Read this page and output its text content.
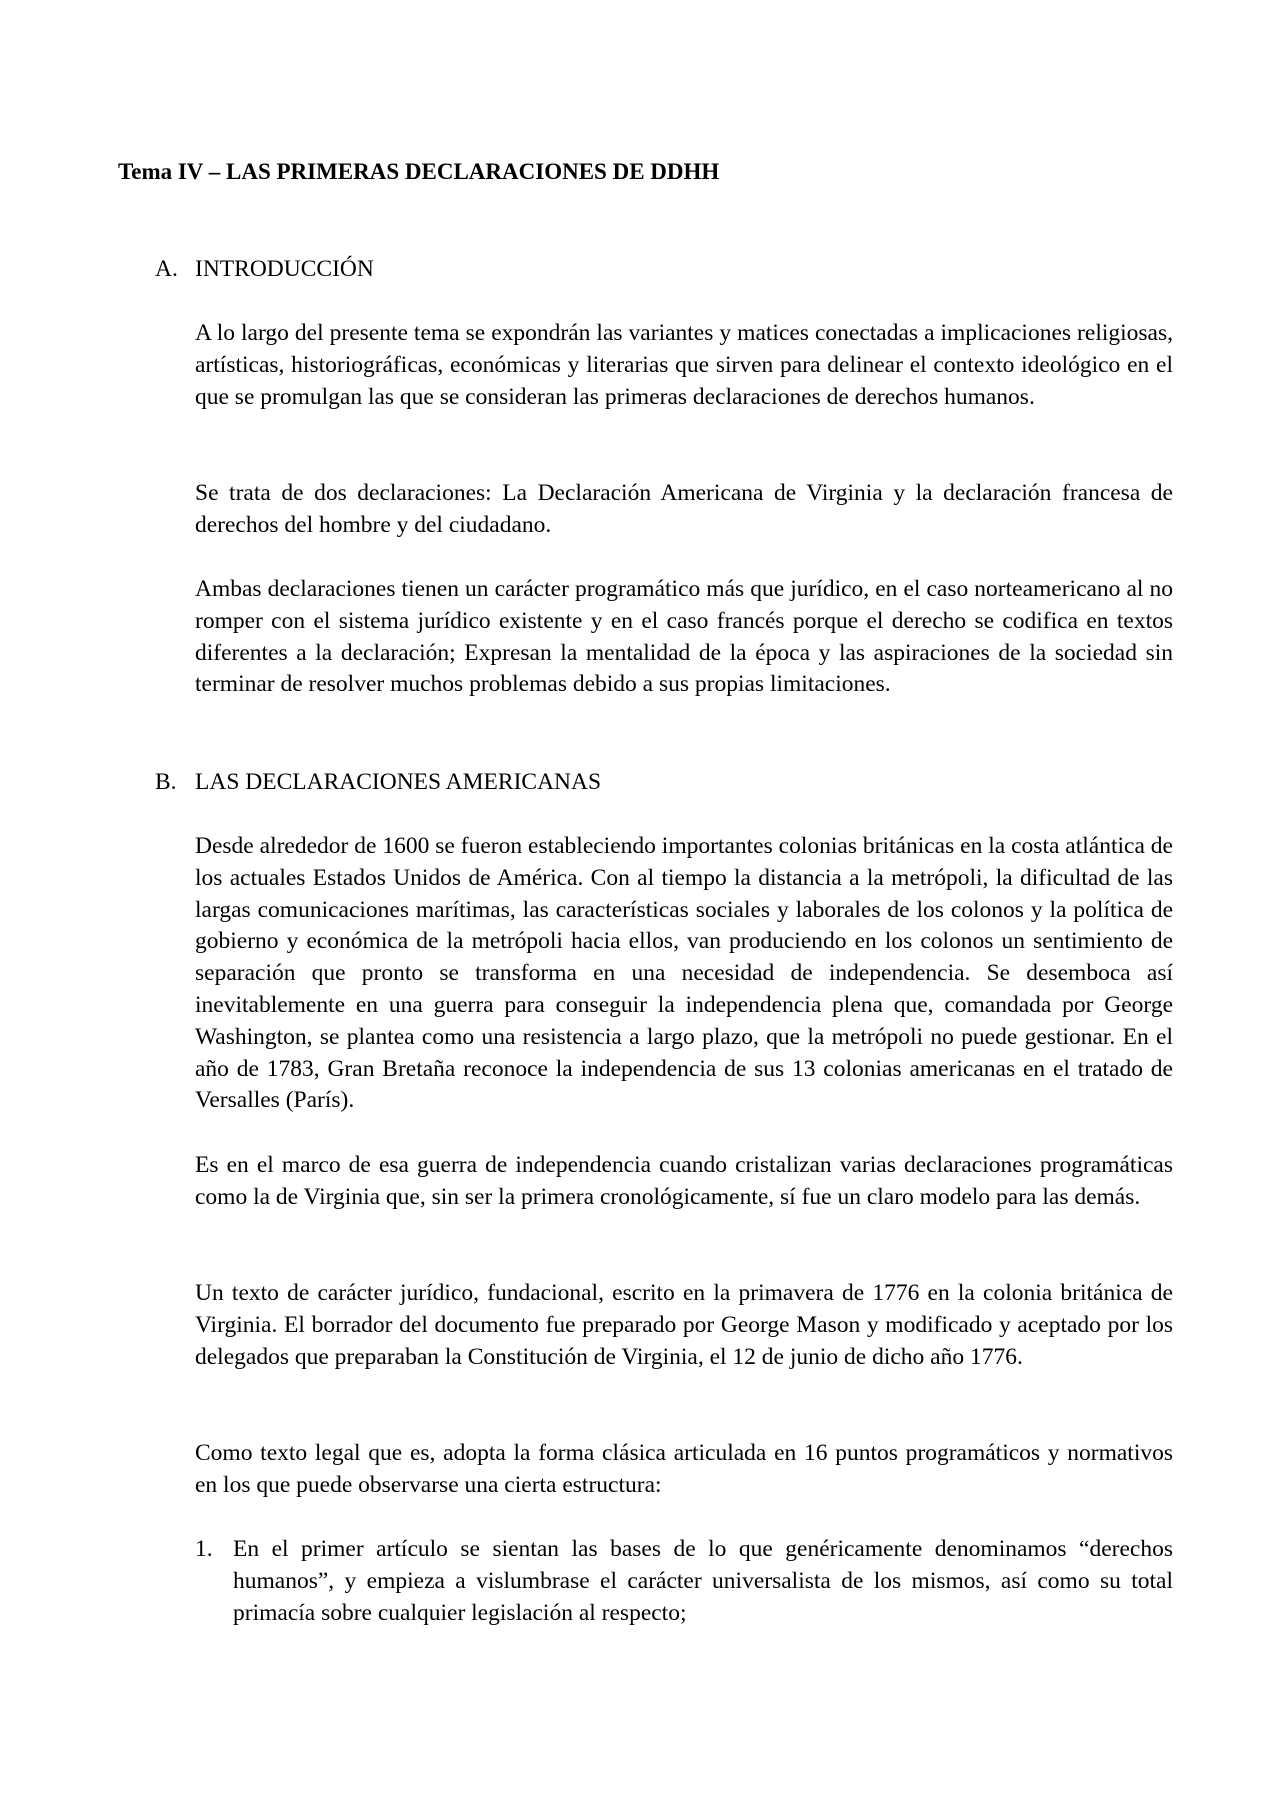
Tema IV – LAS PRIMERAS DECLARACIONES DE DDHH
A. INTRODUCCIÓN

A lo largo del presente tema se expondrán las variantes y matices conectadas a implicaciones religiosas, artísticas, historiográficas, económicas y literarias que sirven para delinear el contexto ideológico en el que se promulgan las que se consideran las primeras declaraciones de derechos humanos.

Se trata de dos declaraciones: La Declaración Americana de Virginia y la declaración francesa de derechos del hombre y del ciudadano.

Ambas declaraciones tienen un carácter programático más que jurídico, en el caso norteamericano al no romper con el sistema jurídico existente y en el caso francés porque el derecho se codifica en textos diferentes a la declaración; Expresan la mentalidad de la época y las aspiraciones de la sociedad sin terminar de resolver muchos problemas debido a sus propias limitaciones.

B. LAS DECLARACIONES AMERICANAS

Desde alrededor de 1600 se fueron estableciendo importantes colonias británicas en la costa atlántica de los actuales Estados Unidos de América. Con al tiempo la distancia a la metrópoli, la dificultad de las largas comunicaciones marítimas, las características sociales y laborales de los colonos y la política de gobierno y económica de la metrópoli hacia ellos, van produciendo en los colonos un sentimiento de separación que pronto se transforma en una necesidad de independencia. Se desemboca así inevitablemente en una guerra para conseguir la independencia plena que, comandada por George Washington, se plantea como una resistencia a largo plazo, que la metrópoli no puede gestionar. En el año de 1783, Gran Bretaña reconoce la independencia de sus 13 colonias americanas en el tratado de Versalles (París).

Es en el marco de esa guerra de independencia cuando cristalizan varias declaraciones programáticas como la de Virginia que, sin ser la primera cronológicamente, sí fue un claro modelo para las demás.

Un texto de carácter jurídico, fundacional, escrito en la primavera de 1776 en la colonia británica de Virginia. El borrador del documento fue preparado por George Mason y modificado y aceptado por los delegados que preparaban la Constitución de Virginia, el 12 de junio de dicho año 1776.

Como texto legal que es, adopta la forma clásica articulada en 16 puntos programáticos y normativos en los que puede observarse una cierta estructura:

1. En el primer artículo se sientan las bases de lo que genéricamente denominamos “derechos humanos”, y empieza a vislumbrase el carácter universalista de los mismos, así como su total primacía sobre cualquier legislación al respecto;
